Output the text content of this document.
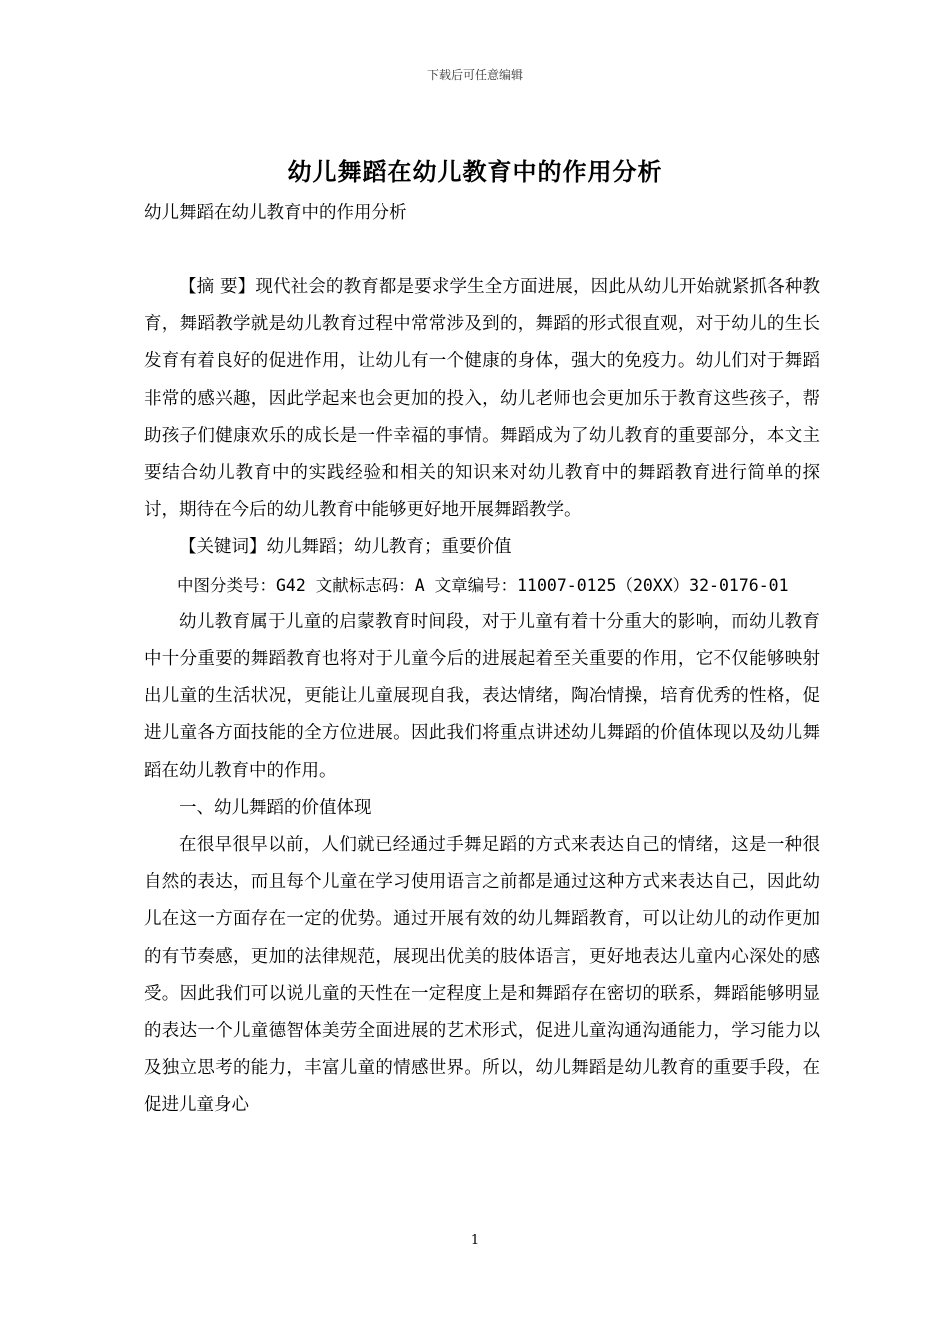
下载后可任意编辑
幼儿舞蹈在幼儿教育中的作用分析
幼儿舞蹈在幼儿教育中的作用分析

【摘 要】现代社会的教育都是要求学生全方面进展，因此从幼儿开始就紧抓各种教育，舞蹈教学就是幼儿教育过程中常常涉及到的，舞蹈的形式很直观，对于幼儿的生长发育有着良好的促进作用，让幼儿有一个健康的身体，强大的免疫力。幼儿们对于舞蹈非常的感兴趣，因此学起来也会更加的投入，幼儿老师也会更加乐于教育这些孩子，帮助孩子们健康欢乐的成长是一件幸福的事情。舞蹈成为了幼儿教育的重要部分，本文主要结合幼儿教育中的实践经验和相关的知识来对幼儿教育中的舞蹈教育进行简单的探讨，期待在今后的幼儿教育中能够更好地开展舞蹈教学。

【关键词】幼儿舞蹈；幼儿教育；重要价值

中图分类号：G42 文献标志码：A 文章编号：11007-0125（20XX）32-0176-01

幼儿教育属于儿童的启蒙教育时间段，对于儿童有着十分重大的影响，而幼儿教育中十分重要的舞蹈教育也将对于儿童今后的进展起着至关重要的作用，它不仅能够映射出儿童的生活状况，更能让儿童展现自我，表达情绪，陶冶情操，培育优秀的性格，促进儿童各方面技能的全方位进展。因此我们将重点讲述幼儿舞蹈的价值体现以及幼儿舞蹈在幼儿教育中的作用。

一、幼儿舞蹈的价值体现

在很早很早以前，人们就已经通过手舞足蹈的方式来表达自己的情绪，这是一种很自然的表达，而且每个儿童在学习使用语言之前都是通过这种方式来表达自己，因此幼儿在这一方面存在一定的优势。通过开展有效的幼儿舞蹈教育，可以让幼儿的动作更加的有节奏感，更加的法律规范，展现出优美的肢体语言，更好地表达儿童内心深处的感受。因此我们可以说儿童的天性在一定程度上是和舞蹈存在密切的联系，舞蹈能够明显的表达一个儿童德智体美劳全面进展的艺术形式，促进儿童沟通沟通能力，学习能力以及独立思考的能力，丰富儿童的情感世界。所以，幼儿舞蹈是幼儿教育的重要手段，在促进儿童身心

1
